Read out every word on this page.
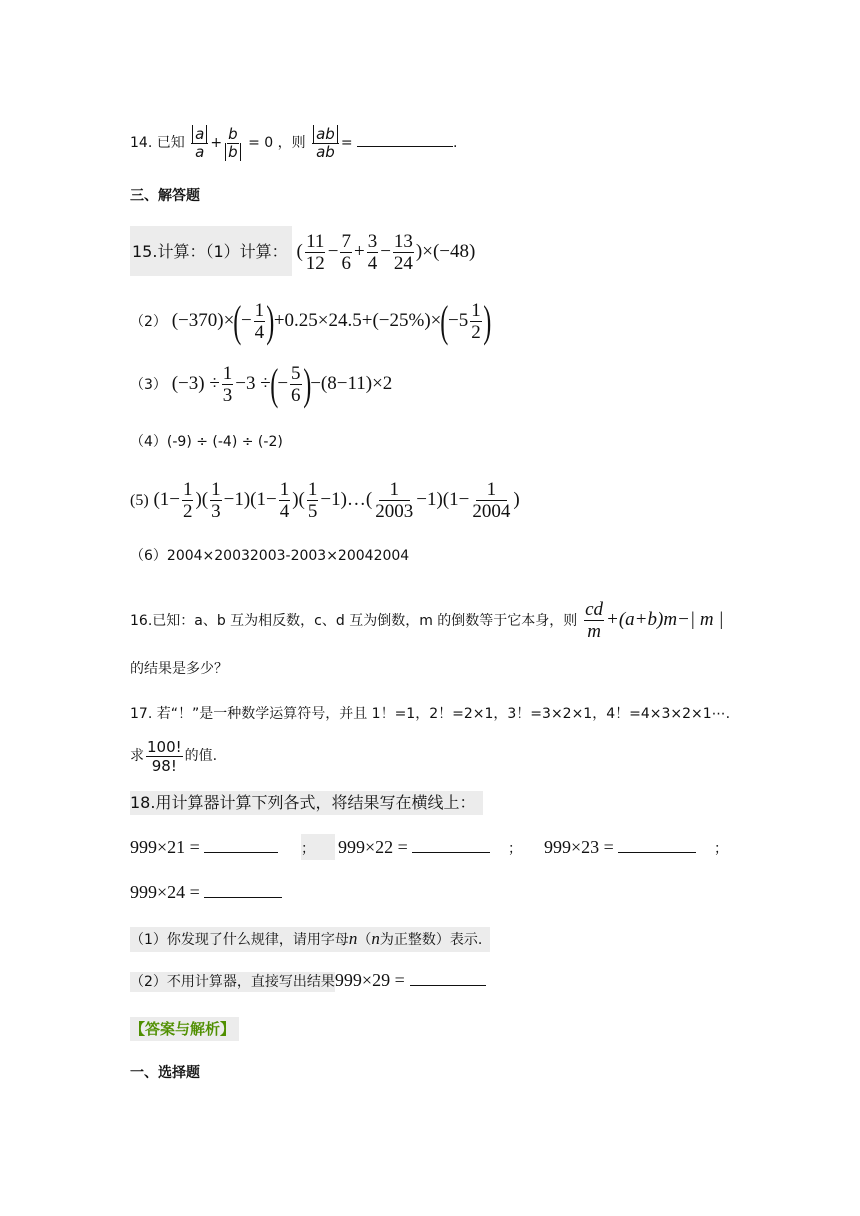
14. 已知 $\frac{a}{a} + \frac{b}{b} = 0$ ，则 $\frac{ab}{ab}$ =	.
三、解答题
15.计算：（1）计算： ( $\frac{11}{12} - \frac{7}{6} + \frac{3}{4} - \frac{13}{24} )\times(-48)$
（2） $(-370)\times(- \frac{1}{4} )+0.25\times 24.5+(-25\%)\times(-5 \frac{1}{2}$ )
（3） $(-3) \div \frac{1}{3} -3$ ÷(− $\frac{5}{6} )-(8-11)\times 2$
（4）(-9) ÷ (-4) ÷ (-2)
(5) ($1- \frac{1}{2}$ )( $\frac{1}{3} -1)(1- \frac{1}{4}$ )( $\frac{1}{5}$ −1)…( $\frac{1}{2003} -1)(1- \frac{1}{2004}$ )
（6）2004×20032003-2003×20042004
16.已知：a、b 互为相反数，c、d 互为倒数，m 的倒数等于它本身，则 $\frac{cd}{m} +(a+b)m-|$ m |
的结果是多少？
17. 若“！”是一种数学运算符号，并且 1！=1，2！=2×1，3！=3×2×1，4！=4×3×2×1⋯.
求 $\frac{100!}{98!}$ 的值.
18.用计算器计算下列各式，将结果写在横线上：
999×21 =	；	999×22 =	； 999×23 =	；
999×24 =
（1）你发现了什么规律，请用字母n（n为正整数）表示.
（2）不用计算器，直接写出结果999×29 =
【答案与解析】
一、选择题
